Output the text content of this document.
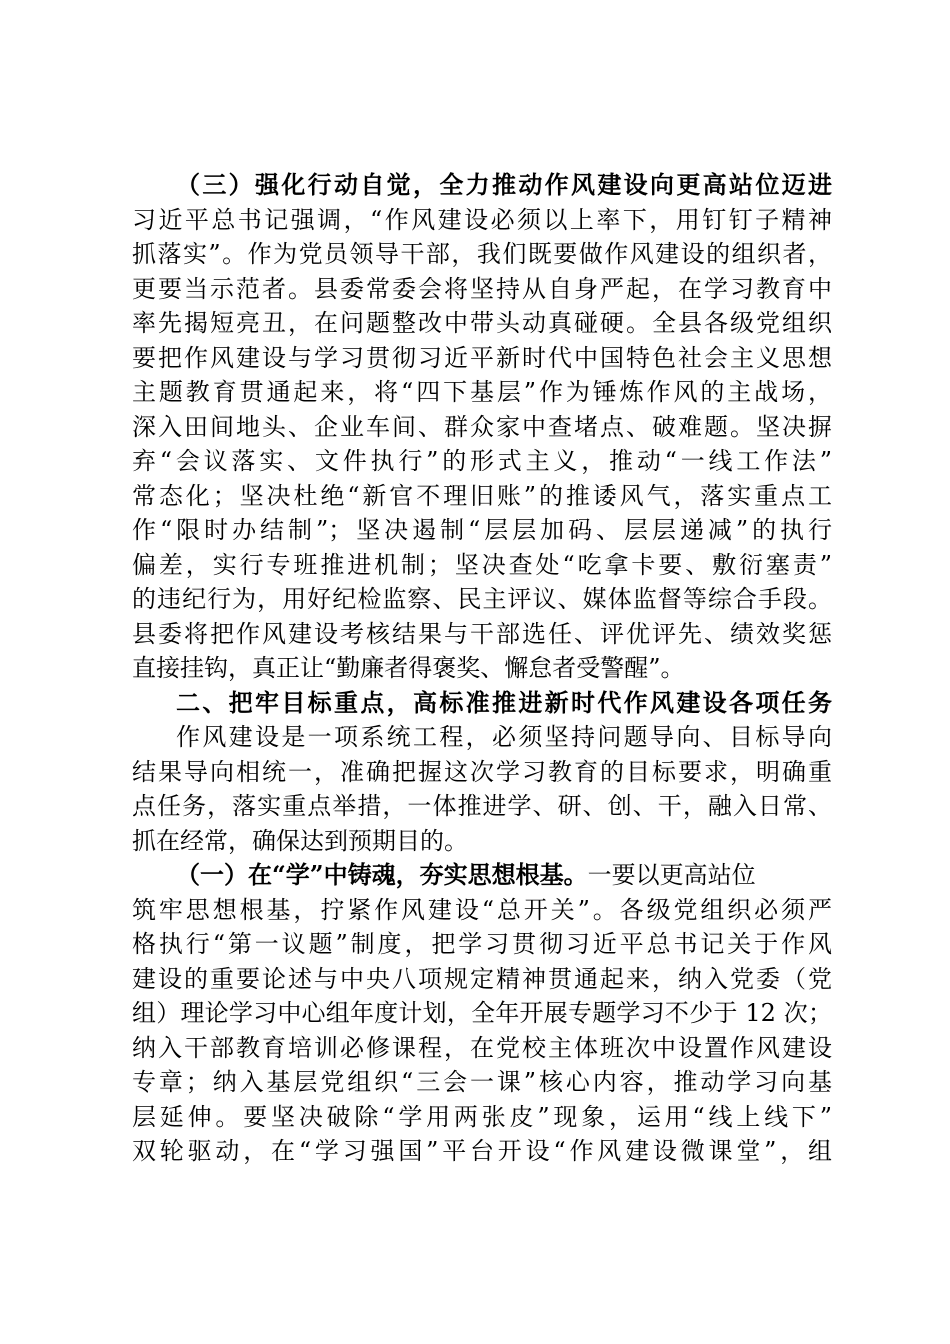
（三）强化行动自觉，全力推动作风建设向更高站位迈进
习近平总书记强调，“作风建设必须以上率下，用钉钉子精神
抓落实”。作为党员领导干部，我们既要做作风建设的组织者，
更要当示范者。县委常委会将坚持从自身严起，在学习教育中
率先揭短亮丑，在问题整改中带头动真碰硬。全县各级党组织
要把作风建设与学习贯彻习近平新时代中国特色社会主义思想
主题教育贯通起来，将“四下基层”作为锤炼作风的主战场，
深入田间地头、企业车间、群众家中查堵点、破难题。坚决摒
弃“会议落实、文件执行”的形式主义，推动“一线工作法”
常态化；坚决杜绝“新官不理旧账”的推诿风气，落实重点工
作“限时办结制”；坚决遏制“层层加码、层层递减”的执行
偏差，实行专班推进机制；坚决查处“吃拿卡要、敷衍塞责”
的违纪行为，用好纪检监察、民主评议、媒体监督等综合手段。
县委将把作风建设考核结果与干部选任、评优评先、绩效奖惩
直接挂钩，真正让“勤廉者得褒奖、懈怠者受警醒”。
二、把牢目标重点，高标准推进新时代作风建设各项任务
作风建设是一项系统工程，必须坚持问题导向、目标导向
结果导向相统一，准确把握这次学习教育的目标要求，明确重
点任务，落实重点举措，一体推进学、研、创、干，融入日常、
抓在经常，确保达到预期目的。
（一）在“学”中铸魂，夯实思想根基。一要以更高站位
筑牢思想根基，拧紧作风建设“总开关”。各级党组织必须严
格执行“第一议题”制度，把学习贯彻习近平总书记关于作风
建设的重要论述与中央八项规定精神贯通起来，纳入党委（党
组）理论学习中心组年度计划，全年开展专题学习不少于 12 次；
纳入干部教育培训必修课程，在党校主体班次中设置作风建设
专章；纳入基层党组织“三会一课”核心内容，推动学习向基
层延伸。要坚决破除“学用两张皮”现象，运用“线上线下”
双轮驱动，在“学习强国”平台开设“作风建设微课堂”，组
